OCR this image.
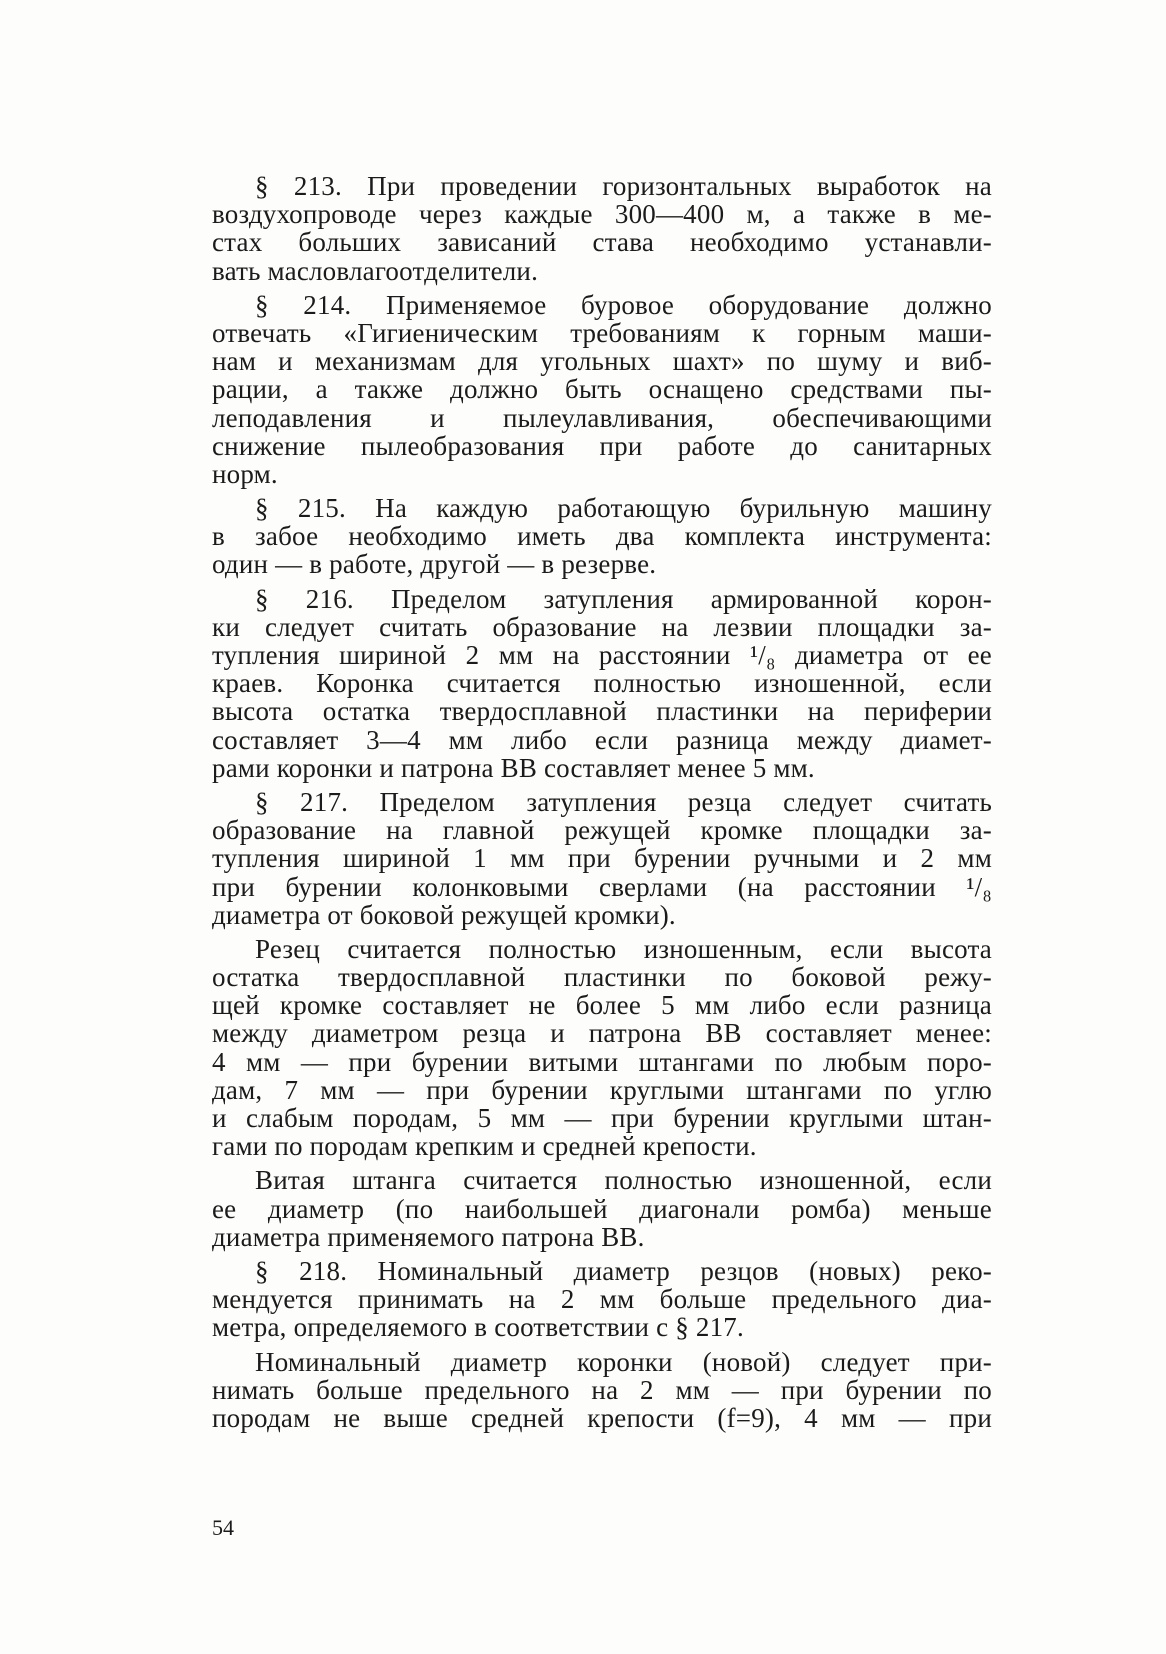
§ 213. При проведении горизонтальных выработок на
воздухопроводе через каждые 300—400 м, а также в ме-
стах больших зависаний става необходимо устанавли-
вать масловлагоотделители.
§ 214. Применяемое буровое оборудование должно
отвечать «Гигиеническим требованиям к горным маши-
нам и механизмам для угольных шахт» по шуму и виб-
рации, а также должно быть оснащено средствами пы-
леподавления и пылеулавливания, обеспечивающими
снижение пылеобразования при работе до санитарных
норм.
§ 215. На каждую работающую бурильную машину
в забое необходимо иметь два комплекта инструмента:
один — в работе, другой — в резерве.
§ 216. Пределом затупления армированной корон-
ки следует считать образование на лезвии площадки за-
тупления шириной 2 мм на расстоянии ¹/₈ диаметра от ее
краев. Коронка считается полностью изношенной, если
высота остатка твердосплавной пластинки на периферии
составляет 3—4 мм либо если разница между диамет-
рами коронки и патрона ВВ составляет менее 5 мм.
§ 217. Пределом затупления резца следует считать
образование на главной режущей кромке площадки за-
тупления шириной 1 мм при бурении ручными и 2 мм
при бурении колонковыми сверлами (на расстоянии ¹/₈
диаметра от боковой режущей кромки).
Резец считается полностью изношенным, если высота
остатка твердосплавной пластинки по боковой режу-
щей кромке составляет не более 5 мм либо если разница
между диаметром резца и патрона ВВ составляет менее:
4 мм — при бурении витыми штангами по любым поро-
дам, 7 мм — при бурении круглыми штангами по углю
и слабым породам, 5 мм — при бурении круглыми штан-
гами по породам крепким и средней крепости.
Витая штанга считается полностью изношенной, если
ее диаметр (по наибольшей диагонали ромба) меньше
диаметра применяемого патрона ВВ.
§ 218. Номинальный диаметр резцов (новых) реко-
мендуется принимать на 2 мм больше предельного диа-
метра, определяемого в соответствии с § 217.
Номинальный диаметр коронки (новой) следует при-
нимать больше предельного на 2 мм — при бурении по
породам не выше средней крепости (f=9), 4 мм — при
54
